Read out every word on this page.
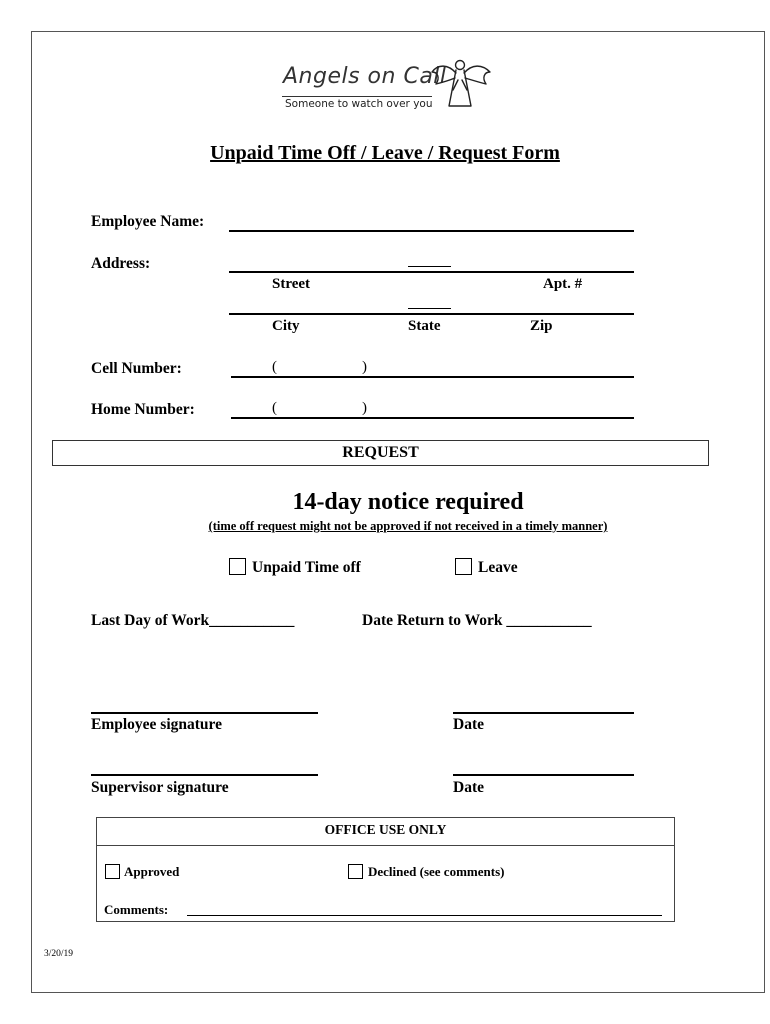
Angels on Call
Someone to watch over you
Unpaid Time Off / Leave / Request Form
Employee Name:
Address:
Street	Apt. #
City	State	Zip
Cell Number:	(	)
Home Number:	(	)
REQUEST
14-day notice required
(time off request might not be approved if not received in a timely manner)
Unpaid Time off	Leave
Last Day of Work___________	Date Return to Work ___________
Employee signature	Date
Supervisor signature	Date
OFFICE USE ONLY
Approved	Declined (see comments)
Comments:
3/20/19
